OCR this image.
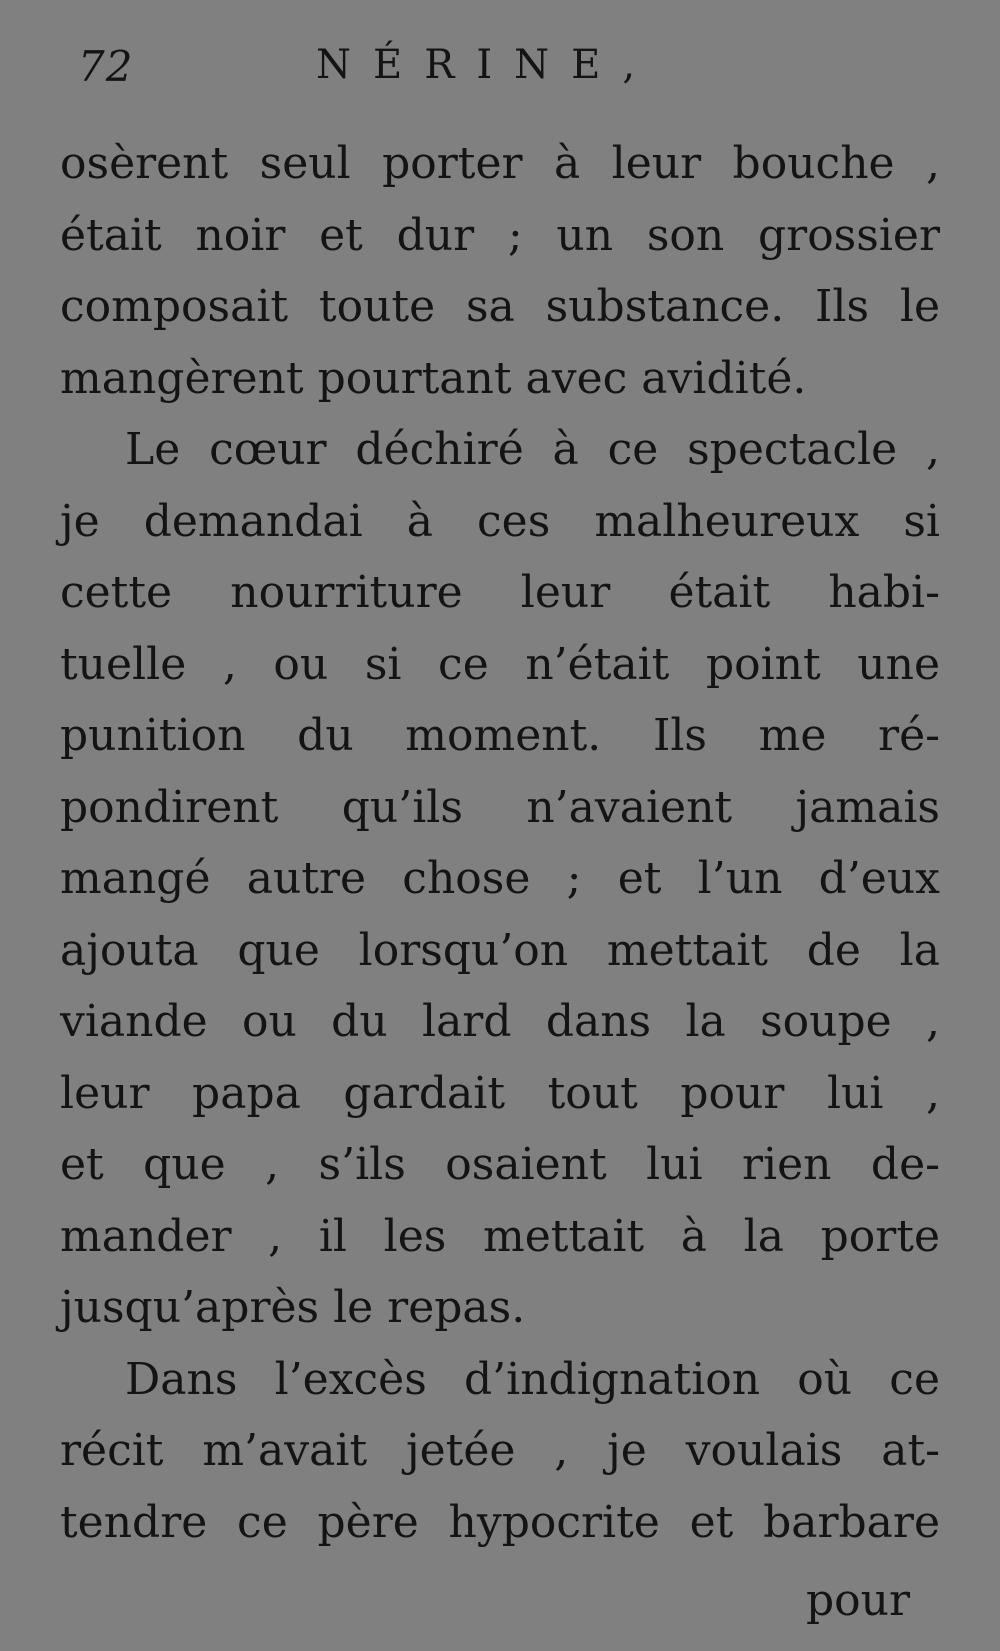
72	NÉRINE,
osèrent seul porter à leur bouche ,
était noir et dur ; un son grossier
composait toute sa substance. Ils le
mangèrent pourtant avec avidité.
Le cœur déchiré à ce spectacle ,
je demandai à ces malheureux si
cette nourriture leur était habi-
tuelle , ou si ce n’était point une
punition du moment. Ils me ré-
pondirent qu’ils n’avaient jamais
mangé autre chose ; et l’un d’eux
ajouta que lorsqu’on mettait de la
viande ou du lard dans la soupe ,
leur papa gardait tout pour lui ,
et que , s’ils osaient lui rien de-
mander , il les mettait à la porte
jusqu’après le repas.
Dans l’excès d’indignation où ce
récit m’avait jetée , je voulais at-
tendre ce père hypocrite et barbare
pour
